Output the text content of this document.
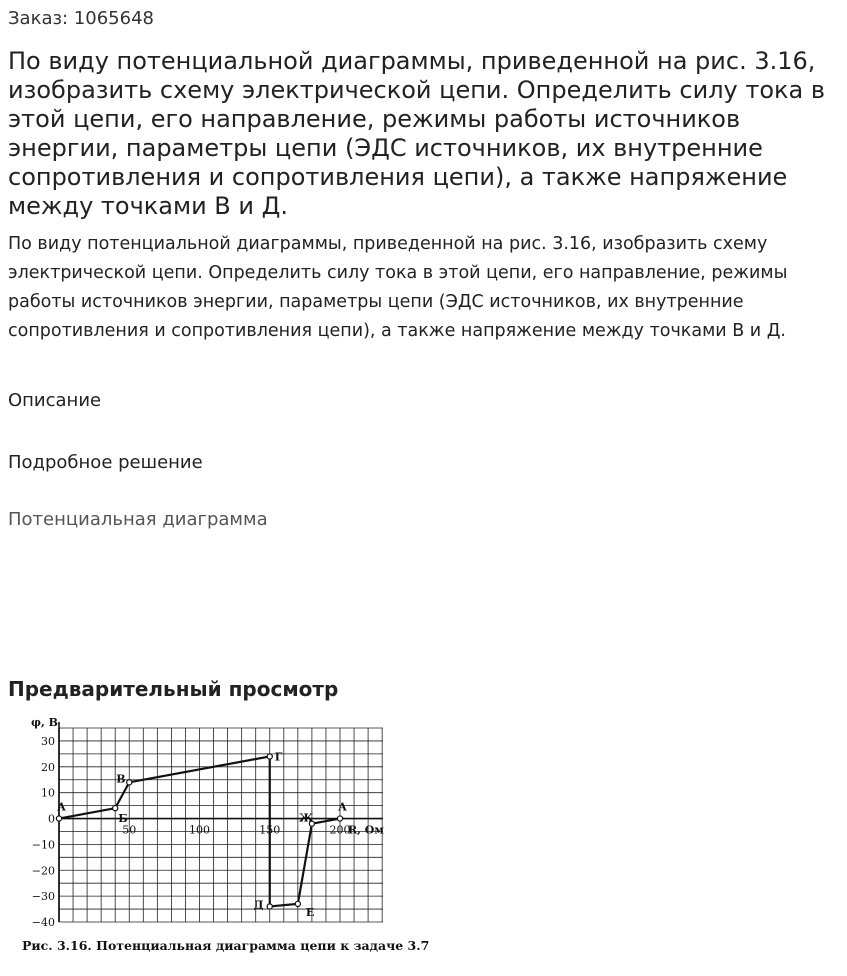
Заказ: 1065648
По виду потенциальной диаграммы, приведенной на рис. 3.16, изобразить схему электрической цепи. Определить силу тока в этой цепи, его направление, режимы работы источников энергии, параметры цепи (ЭДС источников, их внутренние сопротивления и сопротивления цепи), а также напряжение между точками В и Д.
По виду потенциальной диаграммы, приведенной на рис. 3.16, изобразить схему электрической цепи. Определить силу тока в этой цепи, его направление, режимы работы источников энергии, параметры цепи (ЭДС источников, их внутренние сопротивления и сопротивления цепи), а также напряжение между точками В и Д.
Описание
Подробное решение
Потенциальная диаграмма
Предварительный просмотр
30
20
10
0
−10
−20
−30
−40
50	100	150	200
φ, В
R, Ом
А
Б
В
Г
Д
Е
Ж
А
Рис. 3.16. Потенциальная диаграмма цепи к задаче 3.7
